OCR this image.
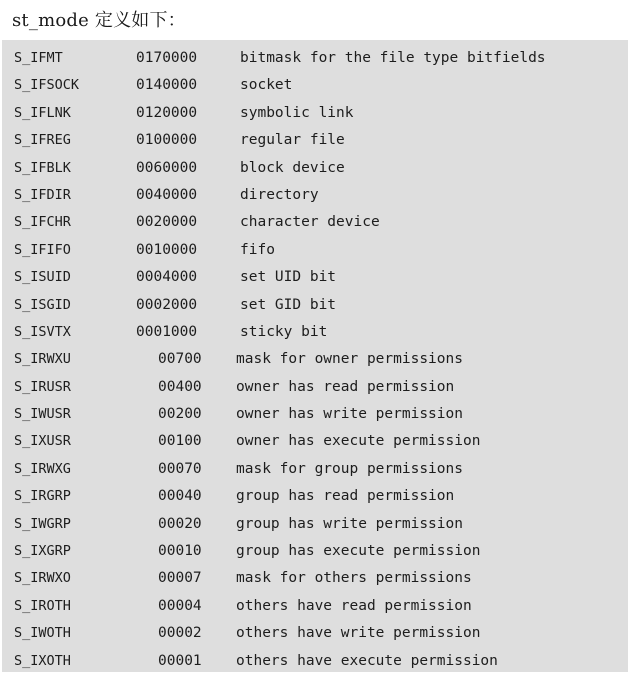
st_mode 定义如下：
S_IFMT	0170000	bitmask for the file type bitfields
S_IFSOCK	0140000	socket
S_IFLNK	0120000	symbolic link
S_IFREG	0100000	regular file
S_IFBLK	0060000	block device
S_IFDIR	0040000	directory
S_IFCHR	0020000	character device
S_IFIFO	0010000	fifo
S_ISUID	0004000	set UID bit
S_ISGID	0002000	set GID bit
S_ISVTX	0001000	sticky bit
S_IRWXU	00700 mask for owner permissions
S_IRUSR	00400 owner has read permission
S_IWUSR	00200 owner has write permission
S_IXUSR	00100 owner has execute permission
S_IRWXG	00070 mask for group permissions
S_IRGRP	00040 group has read permission
S_IWGRP	00020 group has write permission
S_IXGRP	00010 group has execute permission
S_IRWXO	00007 mask for others permissions
S_IROTH	00004 others have read permission
S_IWOTH	00002 others have write permission
S_IXOTH	00001 others have execute permission
